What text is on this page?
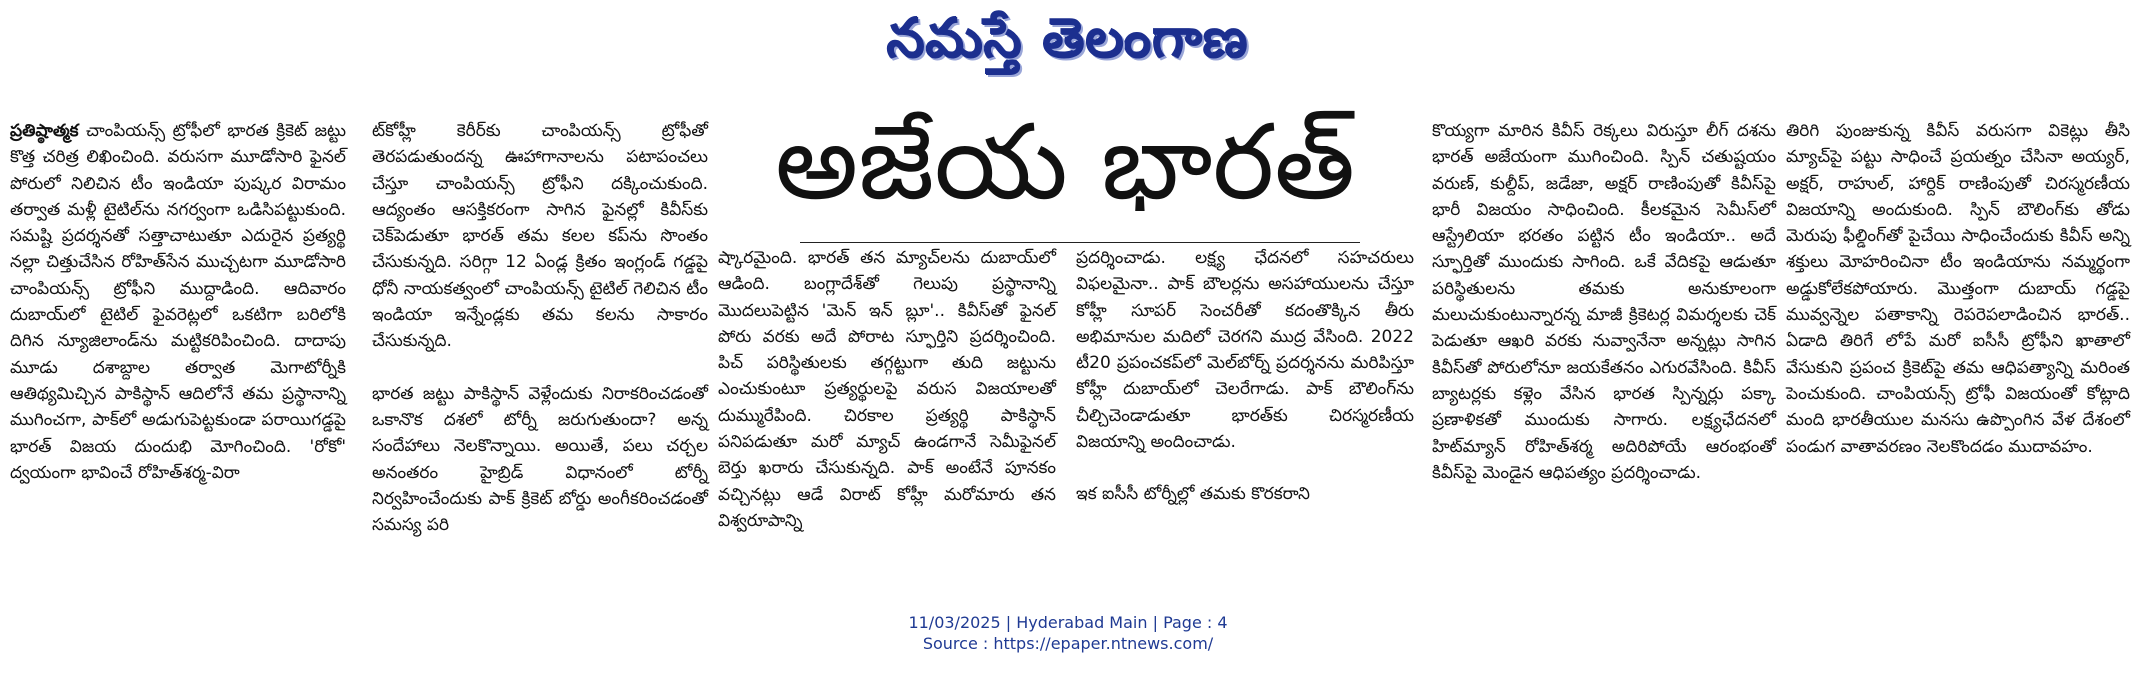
నమస్తే తెలంగాణ
అజేయ భారత్

ప్రతిష్ఠాత్మక చాంపియన్స్ ట్రోఫీలో భారత క్రికెట్ జట్టు కొత్త చరిత్ర లిఖించింది. వరుసగా మూడోసారి ఫైనల్ పోరులో నిలిచిన టీం ఇండియా పుష్కర విరామం తర్వాత మళ్లీ టైటిల్‌ను నగర్వంగా ఒడిసిపట్టుకుంది. సమష్టి ప్రదర్శనతో సత్తాచాటుతూ ఎదురైన ప్రత్యర్థి నల్లా చిత్తుచేసిన రోహిత్‌సేన ముచ్చటగా మూడోసారి చాంపియన్స్ ట్రోఫీని ముద్దాడింది. ఆదివారం దుబాయ్‌లో టైటిల్ ఫైవరెట్లలో ఒకటిగా బరిలోకి దిగిన న్యూజిలాండ్‌ను మట్టికరిపించింది. దాదాపు మూడు దశాబ్దాల తర్వాత మెగాటోర్నీకి ఆతిథ్యమిచ్చిన పాకిస్థాన్ ఆదిలోనే తమ ప్రస్థానాన్ని ముగించగా, పాక్‌లో అడుగుపెట్టకుండా పరాయిగడ్డపై భారత్ విజయ దుందుభి మోగించింది. 'రోకో' ద్వయంగా భావించే రోహిత్‌శర్మ-విరా

ట్‌కోహ్లీ కెరీర్‌కు చాంపియన్స్ ట్రోఫీతో తెరపడుతుందన్న ఊహాగానాలను పటాపంచలు చేస్తూ చాంపియన్స్ ట్రోఫీని దక్కించుకుంది. ఆద్యంతం ఆసక్తికరంగా సాగిన ఫైనల్లో కివీస్‌కు చెక్‌పెడుతూ భారత్ తమ కలల కప్‌ను సొంతం చేసుకున్నది. సరిగ్గా 12 ఏండ్ల క్రితం ఇంగ్లండ్ గడ్డపై ధోనీ నాయకత్వంలో చాంపియన్స్ టైటిల్ గెలిచిన టీం ఇండియా ఇన్నేండ్లకు తమ కలను సాకారం చేసుకున్నది.

భారత జట్టు పాకిస్థాన్ వెళ్లేందుకు నిరాకరించడంతో ఒకానొక దశలో టోర్నీ జరుగుతుందా? అన్న సందేహాలు నెలకొన్నాయి. అయితే, పలు చర్చల అనంతరం హైబ్రిడ్ విధానంలో టోర్నీ నిర్వహించేందుకు పాక్ క్రికెట్ బోర్డు అంగీకరించడంతో సమస్య పరి

ష్కారమైంది. భారత్ తన మ్యాచ్‌లను దుబాయ్‌లో ఆడింది. బంగ్లాదేశ్‌తో గెలుపు ప్రస్థానాన్ని మొదలుపెట్టిన 'మెన్ ఇన్ బ్లూ'.. కివీస్‌తో ఫైనల్ పోరు వరకు అదే పోరాట స్ఫూర్తిని ప్రదర్శించింది. పిచ్ పరిస్థితులకు తగ్గట్టుగా తుది జట్టును ఎంచుకుంటూ ప్రత్యర్థులపై వరుస విజయాలతో దుమ్మురేపింది. చిరకాల ప్రత్యర్థి పాకిస్థాన్ పనిపడుతూ మరో మ్యాచ్ ఉండగానే సెమీఫైనల్ బెర్తు ఖరారు చేసుకున్నది. పాక్ అంటేనే పూనకం వచ్చినట్లు ఆడే విరాట్ కోహ్లీ మరోమారు తన విశ్వరూపాన్ని

ప్రదర్శించాడు. లక్ష్య ఛేదనలో సహచరులు విఫలమైనా.. పాక్ బౌలర్లను అసహాయులను చేస్తూ కోహ్లీ సూపర్ సెంచరీతో కదంతొక్కిన తీరు అభిమానుల మదిలో చెరగని ముద్ర వేసింది. 2022 టీ20 ప్రపంచకప్‌లో మెల్‌బోర్న్ ప్రదర్శనను మరిపిస్తూ కోహ్లీ దుబాయ్‌లో చెలరేగాడు. పాక్ బౌలింగ్‌ను చీల్చిచెండాడుతూ భారత్‌కు చిరస్మరణీయ విజయాన్ని అందించాడు.

ఇక ఐసీసీ టోర్నీల్లో తమకు కొరకరాని

కొయ్యగా మారిన కివీస్ రెక్కలు విరుస్తూ లీగ్ దశను భారత్ అజేయంగా ముగించింది. స్పిన్ చతుష్టయం వరుణ్, కుల్దీప్, జడేజా, అక్షర్ రాణింపుతో కివీస్‌పై భారీ విజయం సాధించింది. కీలకమైన సెమీస్‌లో ఆస్ట్రేలియా భరతం పట్టిన టీం ఇండియా.. అదే స్ఫూర్తితో ముందుకు సాగింది. ఒకే వేదికపై ఆడుతూ పరిస్థితులను తమకు అనుకూలంగా మలుచుకుంటున్నారన్న మాజీ క్రికెటర్ల విమర్శలకు చెక్ పెడుతూ ఆఖరి వరకు నువ్వానేనా అన్నట్లు సాగిన కివీస్‌తో పోరులోనూ జయకేతనం ఎగురవేసింది. కివీస్ బ్యాటర్లకు కళ్లెం వేసిన భారత స్పిన్నర్లు పక్కా ప్రణాళికతో ముందుకు సాగారు. లక్ష్యఛేదనలో హిట్‌మ్యాన్ రోహిత్‌శర్మ అదిరిపోయే ఆరంభంతో కివీస్‌పై మెండైన ఆధిపత్యం ప్రదర్శించాడు.

తిరిగి పుంజుకున్న కివీస్ వరుసగా వికెట్లు తీసి మ్యాచ్‌పై పట్టు సాధించే ప్రయత్నం చేసినా అయ్యర్, అక్షర్, రాహుల్, హార్దిక్ రాణింపుతో చిరస్మరణీయ విజయాన్ని అందుకుంది. స్పిన్ బౌలింగ్‌కు తోడు మెరుపు ఫీల్డింగ్‌తో పైచేయి సాధించేందుకు కివీస్ అన్ని శక్తులు మోహరించినా టీం ఇండియాను నమ్మర్థంగా అడ్డుకోలేకపోయారు. మొత్తంగా దుబాయ్ గడ్డపై మువ్వన్నెల పతాకాన్ని రెపరెపలాడించిన భారత్.. ఏడాది తిరిగే లోపే మరో ఐసీసీ ట్రోఫీని ఖాతాలో వేసుకుని ప్రపంచ క్రికెట్‌పై తమ ఆధిపత్యాన్ని మరింత పెంచుకుంది. చాంపియన్స్ ట్రోఫీ విజయంతో కోట్లాది మంది భారతీయుల మనసు ఉప్పొంగిన వేళ దేశంలో పండుగ వాతావరణం నెలకొందడం ముదావహం.

11/03/2025 | Hyderabad Main | Page : 4
Source : https://epaper.ntnews.com/
